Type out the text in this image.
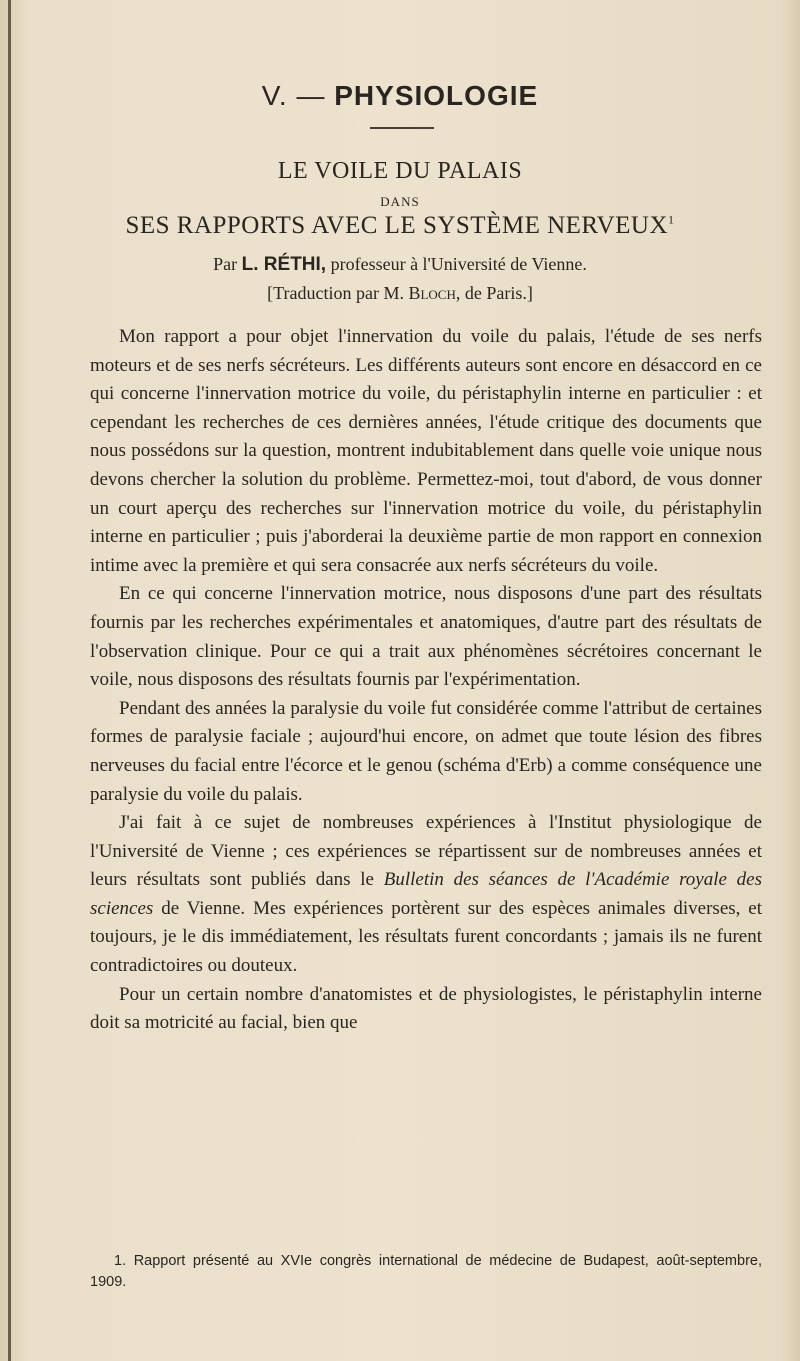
V. — PHYSIOLOGIE
LE VOILE DU PALAIS
DANS
SES RAPPORTS AVEC LE SYSTÈME NERVEUX$^1$
Par L. RÉTHI, professeur à l'Université de Vienne.
[Traduction par M. Bloch, de Paris.]

Mon rapport a pour objet l'innervation du voile du palais, l'étude de ses nerfs moteurs et de ses nerfs sécréteurs. Les différents auteurs sont encore en désaccord en ce qui concerne l'innervation motrice du voile, du péristaphylin interne en particulier : et cependant les recherches de ces dernières années, l'étude critique des documents que nous possédons sur la question, montrent indubitablement dans quelle voie unique nous devons chercher la solution du problème. Permettez-moi, tout d'abord, de vous donner un court aperçu des recherches sur l'innervation motrice du voile, du péristaphylin interne en particulier ; puis j'aborderai la deuxième partie de mon rapport en connexion intime avec la première et qui sera consacrée aux nerfs sécréteurs du voile.

En ce qui concerne l'innervation motrice, nous disposons d'une part des résultats fournis par les recherches expérimentales et anatomiques, d'autre part des résultats de l'observation clinique. Pour ce qui a trait aux phénomènes sécrétoires concernant le voile, nous disposons des résultats fournis par l'expérimentation.

Pendant des années la paralysie du voile fut considérée comme l'attribut de certaines formes de paralysie faciale ; aujourd'hui encore, on admet que toute lésion des fibres nerveuses du facial entre l'écorce et le genou (schéma d'Erb) a comme conséquence une paralysie du voile du palais.

J'ai fait à ce sujet de nombreuses expériences à l'Institut physiologique de l'Université de Vienne ; ces expériences se répartissent sur de nombreuses années et leurs résultats sont publiés dans le Bulletin des séances de l'Académie royale des sciences de Vienne. Mes expériences portèrent sur des espèces animales diverses, et toujours, je le dis immédiatement, les résultats furent concordants ; jamais ils ne furent contradictoires ou douteux.

Pour un certain nombre d'anatomistes et de physiologistes, le péristaphylin interne doit sa motricité au facial, bien que

1. Rapport présenté au XVIe congrès international de médecine de Budapest, août-septembre, 1909.
